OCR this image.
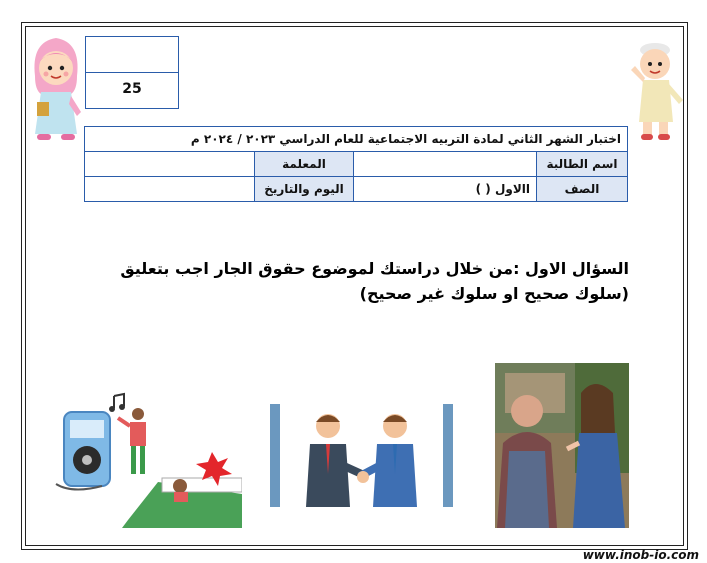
25
اختبار الشهر الثاني لمادة التربيه الاجتماعية للعام الدراسي ٢٠٢٣ / ٢٠٢٤ م			
اسم الطالبة		المعلمة	
الصف	االاول ( )	اليوم والتاريخ	
السؤال الاول :من خلال دراستك لموضوع حقوق الجار اجب بتعليق
(سلوك صحيح او سلوك غير صحيح)
www.inob-io.com
